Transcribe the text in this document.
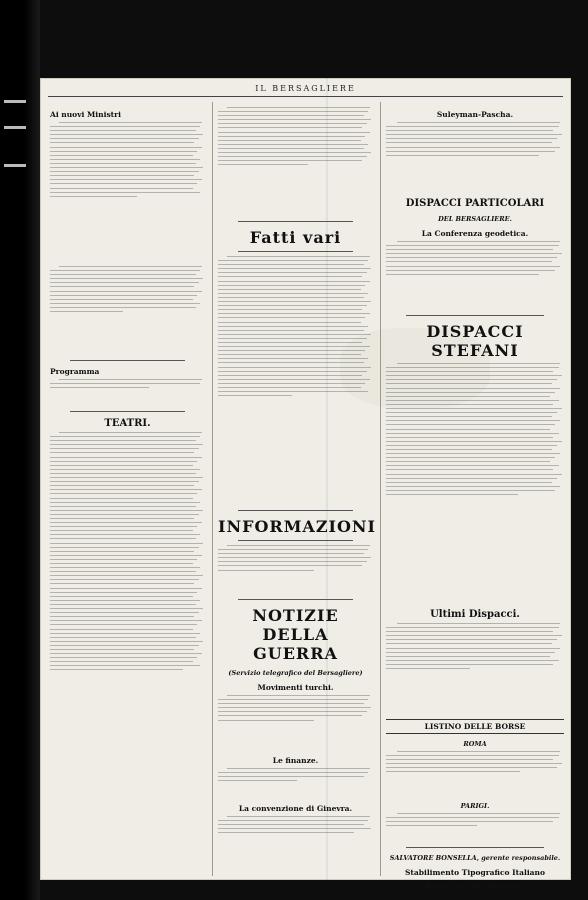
IL BERSAGLIERE
Ai nuovi Ministri
Programma
TEATRI.
Fatti vari
INFORMAZIONI
NOTIZIE DELLA GUERRA
(Servizio telegrafico del Bersagliere)
Movimenti turchi.
Le finanze.
La convenzione di Ginevra.
Suleyman-Pascha.
DISPACCI PARTICOLARI
DEL BERSAGLIERE.
La Conferenza geodetica.
DISPACCI STEFANI
Ultimi Dispacci.
LISTINO DELLE BORSE
ROMA
PARIGI.
SALVATORE BONSELLA, gerente responsabile.
Stabilimento Tipografico Italiano
Roma — Via Piè del Marmo
